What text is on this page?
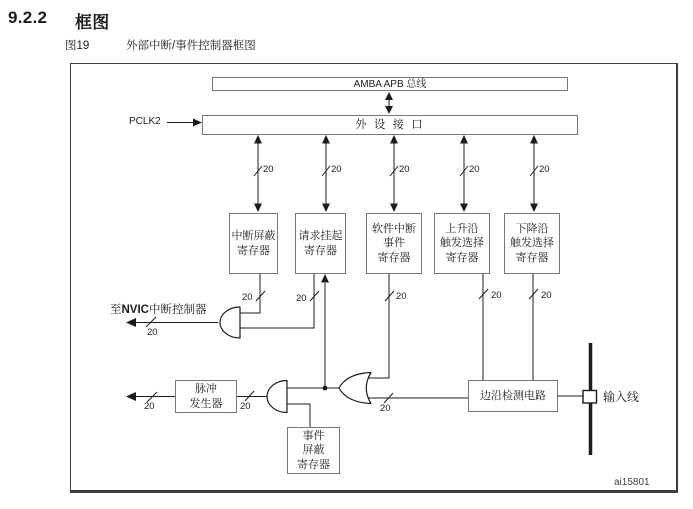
9.2.2 框图
图19	外部中断/事件控制器框图
AMBA APB 总线
外 设 接 口
中断屏蔽
寄存器
请求挂起
寄存器
软件中断
事件
寄存器
上升沿
触发选择
寄存器
下降沿
触发选择
寄存器
脉冲
发生器
事件
屏蔽
寄存器
边沿检测电路
PCLK2
至NVIC中断控制器
输入线
ai15801
20	20	20	20	20
20	20	20	20	20
20
20	20	20
